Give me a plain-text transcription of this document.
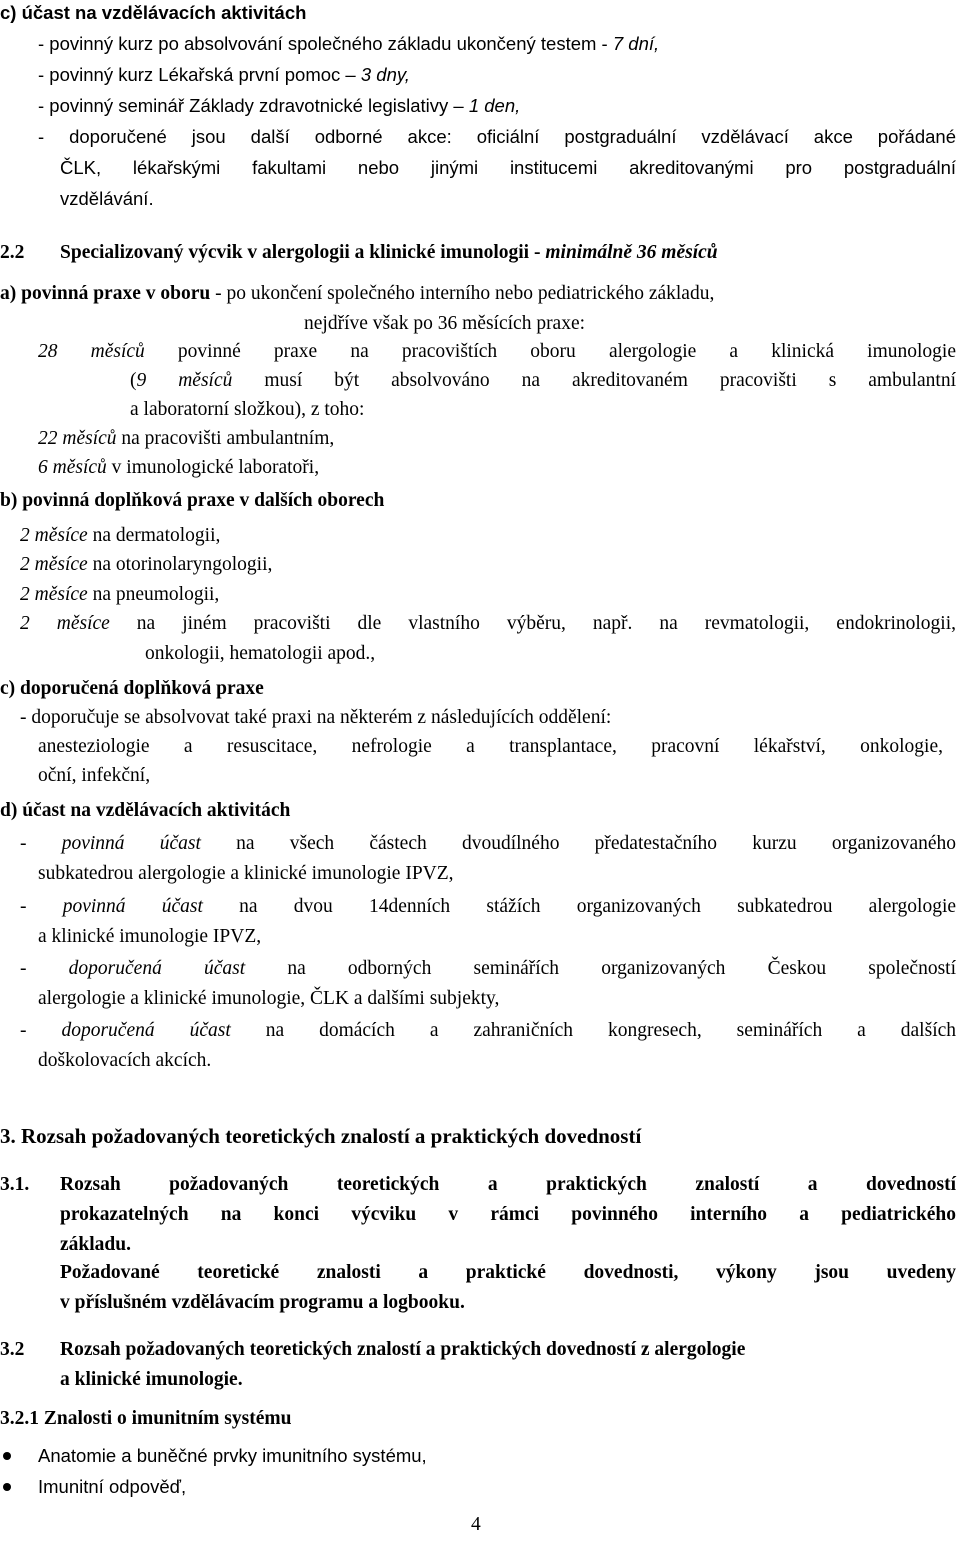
c) účast na vzdělávacích aktivitách
- povinný kurz po absolvování společného základu ukončený testem - 7 dní,
- povinný kurz Lékařská první pomoc – 3 dny,
- povinný seminář Základy zdravotnické legislativy – 1 den,
- doporučené jsou další odborné akce: oficiální postgraduální vzdělávací akce pořádané
ČLK, lékařskými fakultami nebo jinými institucemi akreditovanými pro postgraduální
vzdělávání.
2.2 Specializovaný výcvik v alergologii a klinické imunologii - minimálně 36 měsíců
a) povinná praxe v oboru - po ukončení společného interního nebo pediatrického základu,
nejdříve však po 36 měsících praxe:
28 měsíců povinné praxe na pracovištích oboru alergologie a klinická imunologie
(9 měsíců musí být absolvováno na akreditovaném pracovišti s ambulantní
a laboratorní složkou), z toho:
22 měsíců na pracovišti ambulantním,
6 měsíců v imunologické laboratoři,
b) povinná doplňková praxe v dalších oborech
2 měsíce na dermatologii,
2 měsíce na otorinolaryngologii,
2 měsíce na pneumologii,
2 měsíce na jiném pracovišti dle vlastního výběru, např. na revmatologii, endokrinologii,
onkologii, hematologii apod.,
c) doporučená doplňková praxe
- doporučuje se absolvovat také praxi na některém z následujících oddělení:
anesteziologie a resuscitace, nefrologie a transplantace, pracovní lékařství, onkologie,
oční, infekční,
d) účast na vzdělávacích aktivitách
- povinná účast na všech částech dvoudílného předatestačního kurzu organizovaného
subkatedrou alergologie a klinické imunologie IPVZ,
- povinná účast na dvou 14denních stážích organizovaných subkatedrou alergologie
a klinické imunologie IPVZ,
- doporučená účast na odborných seminářích organizovaných Českou společností
alergologie a klinické imunologie, ČLK a dalšími subjekty,
- doporučená účast na domácích a zahraničních kongresech, seminářích a dalších
doškolovacích akcích.
3. Rozsah požadovaných teoretických znalostí a praktických dovedností
3.1. Rozsah požadovaných teoretických a praktických znalostí a dovedností
prokazatelných na konci výcviku v rámci povinného interního a pediatrického
základu.
Požadované teoretické znalosti a praktické dovednosti, výkony jsou uvedeny
v příslušném vzdělávacím programu a logbooku.
3.2 Rozsah požadovaných teoretických znalostí a praktických dovedností z alergologie
a klinické imunologie.
3.2.1 Znalosti o imunitním systému
Anatomie a buněčné prvky imunitního systému,
Imunitní odpověď,
4
